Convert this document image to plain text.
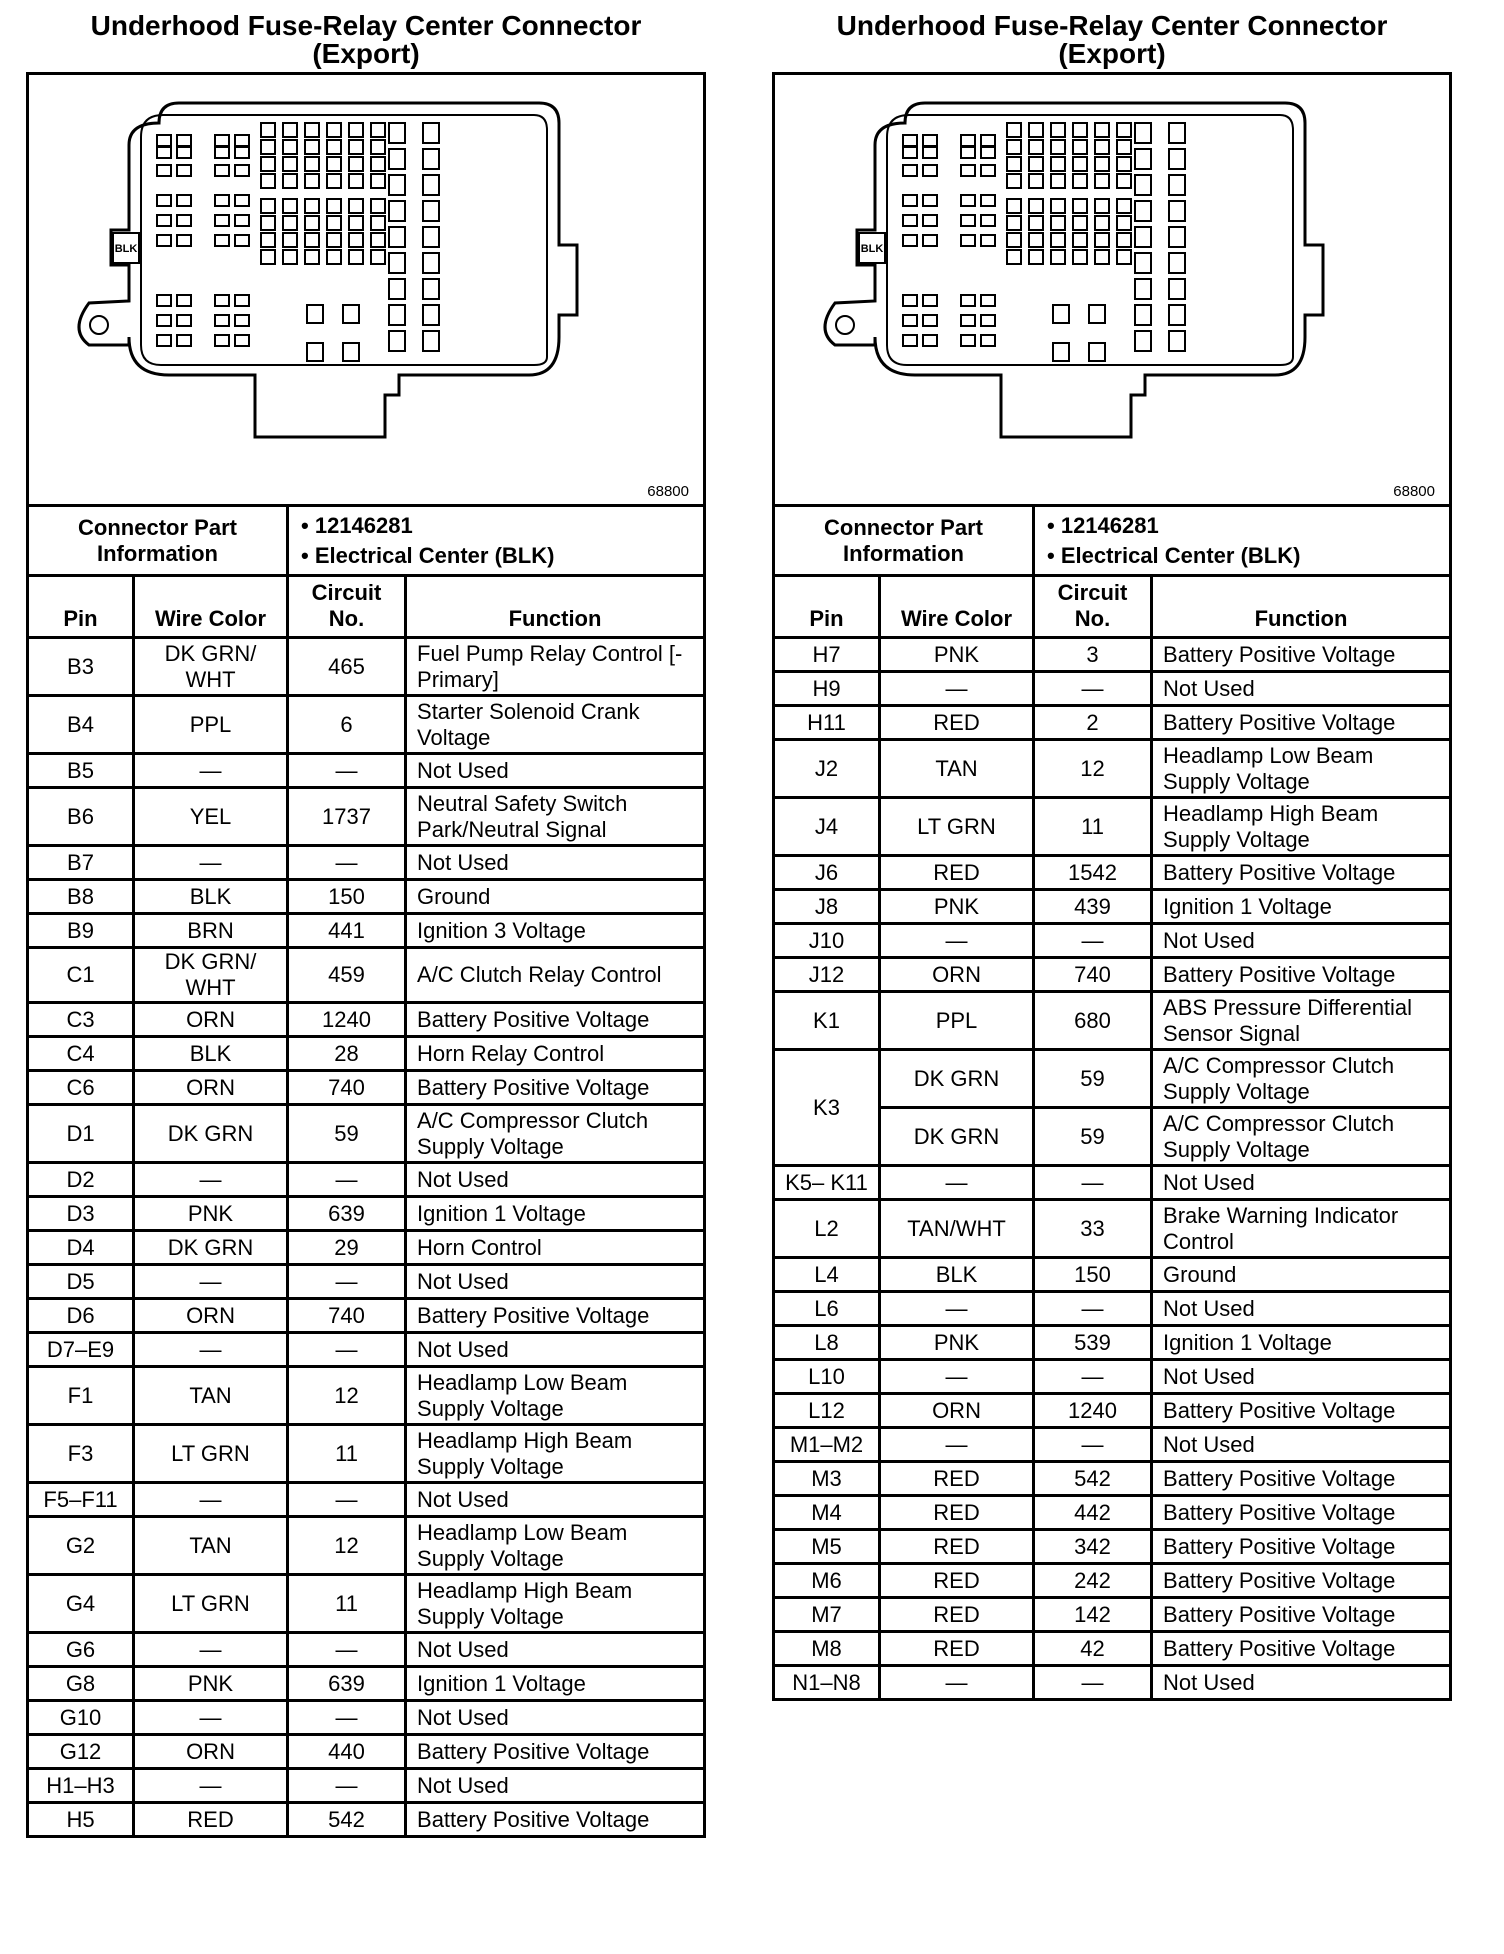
Underhood Fuse-Relay Center Connector
(Export)
BLK
68800
Connector Part Information		• 12146281
• Electrical Center (BLK)	

Pin	Wire Color	Circuit No.	Function
B3	DK GRN/ WHT	465	Fuel Pump Relay Control [- Primary]
B4	PPL	6	Starter Solenoid Crank Voltage
B5	—	—	Not Used
B6	YEL	1737	Neutral Safety Switch Park/Neutral Signal
B7	—	—	Not Used
B8	BLK	150	Ground
B9	BRN	441	Ignition 3 Voltage
C1	DK GRN/ WHT	459	A/C Clutch Relay Control
C3	ORN	1240	Battery Positive Voltage
C4	BLK	28	Horn Relay Control
C6	ORN	740	Battery Positive Voltage
D1	DK GRN	59	A/C Compressor Clutch Supply Voltage
D2	—	—	Not Used
D3	PNK	639	Ignition 1 Voltage
D4	DK GRN	29	Horn Control
D5	—	—	Not Used
D6	ORN	740	Battery Positive Voltage
D7–E9	—	—	Not Used
F1	TAN	12	Headlamp Low Beam Supply Voltage
F3	LT GRN	11	Headlamp High Beam Supply Voltage
F5–F11	—	—	Not Used
G2	TAN	12	Headlamp Low Beam Supply Voltage
G4	LT GRN	11	Headlamp High Beam Supply Voltage
G6	—	—	Not Used
G8	PNK	639	Ignition 1 Voltage
G10	—	—	Not Used
G12	ORN	440	Battery Positive Voltage
H1–H3	—	—	Not Used
H5	RED	542	Battery Positive Voltage
Underhood Fuse-Relay Center Connector
(Export)
BLK
68800
Connector Part Information		• 12146281
• Electrical Center (BLK)	

Pin	Wire Color	Circuit No.	Function
H7	PNK	3	Battery Positive Voltage
H9	—	—	Not Used
H11	RED	2	Battery Positive Voltage
J2	TAN	12	Headlamp Low Beam Supply Voltage
J4	LT GRN	11	Headlamp High Beam Supply Voltage
J6	RED	1542	Battery Positive Voltage
J8	PNK	439	Ignition 1 Voltage
J10	—	—	Not Used
J12	ORN	740	Battery Positive Voltage
K1	PPL	680	ABS Pressure Differential Sensor Signal
K3	DK GRN	59	A/C Compressor Clutch Supply Voltage
	DK GRN	59	A/C Compressor Clutch Supply Voltage
K5– K11	—	—	Not Used
L2	TAN/WHT	33	Brake Warning Indicator Control
L4	BLK	150	Ground
L6	—	—	Not Used
L8	PNK	539	Ignition 1 Voltage
L10	—	—	Not Used
L12	ORN	1240	Battery Positive Voltage
M1–M2	—	—	Not Used
M3	RED	542	Battery Positive Voltage
M4	RED	442	Battery Positive Voltage
M5	RED	342	Battery Positive Voltage
M6	RED	242	Battery Positive Voltage
M7	RED	142	Battery Positive Voltage
M8	RED	42	Battery Positive Voltage
N1–N8	—	—	Not Used
